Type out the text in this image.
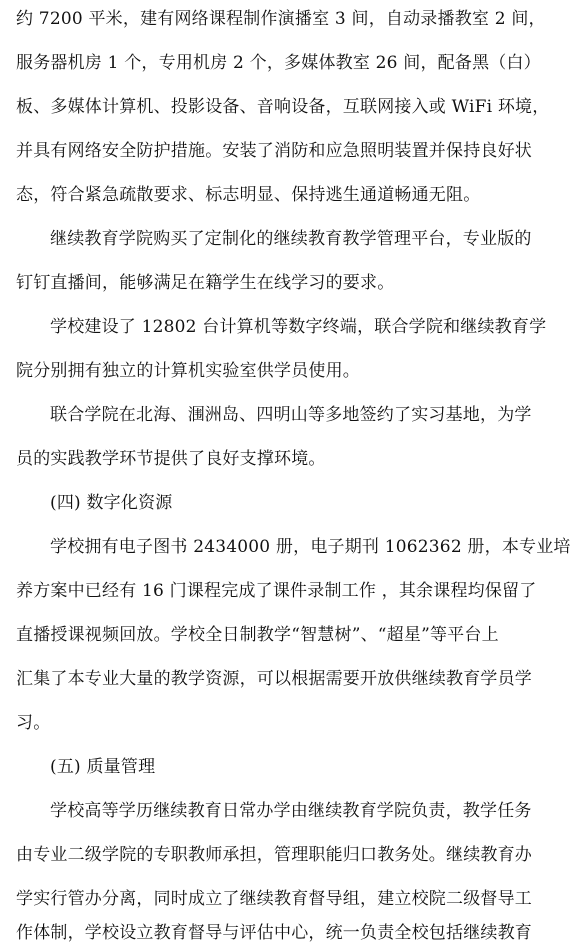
约 7200 平米，建有网络课程制作演播室 3 间，自动录播教室 2 间，
服务器机房 1 个，专用机房 2 个，多媒体教室 26 间，配备黑（白）
板、多媒体计算机、投影设备、音响设备，互联网接入或 WiFi 环境，
并具有网络安全防护措施。安装了消防和应急照明装置并保持良好状
态，符合紧急疏散要求、标志明显、保持逃生通道畅通无阻。
继续教育学院购买了定制化的继续教育教学管理平台，专业版的
钉钉直播间，能够满足在籍学生在线学习的要求。
学校建设了 12802 台计算机等数字终端，联合学院和继续教育学
院分别拥有独立的计算机实验室供学员使用。
联合学院在北海、涠洲岛、四明山等多地签约了实习基地，为学
员的实践教学环节提供了良好支撑环境。
(四) 数字化资源
学校拥有电子图书 2434000 册，电子期刊 1062362 册，本专业培
养方案中已经有 16 门课程完成了课件录制工作 ，其余课程均保留了
直播授课视频回放。学校全日制教学“智慧树”、“超星”等平台上
汇集了本专业大量的教学资源，可以根据需要开放供继续教育学员学
习。
(五) 质量管理
学校高等学历继续教育日常办学由继续教育学院负责，教学任务
由专业二级学院的专职教师承担，管理职能归口教务处。继续教育办
学实行管办分离，同时成立了继续教育督导组，建立校院二级督导工
作体制，学校设立教育督导与评估中心，统一负责全校包括继续教育
